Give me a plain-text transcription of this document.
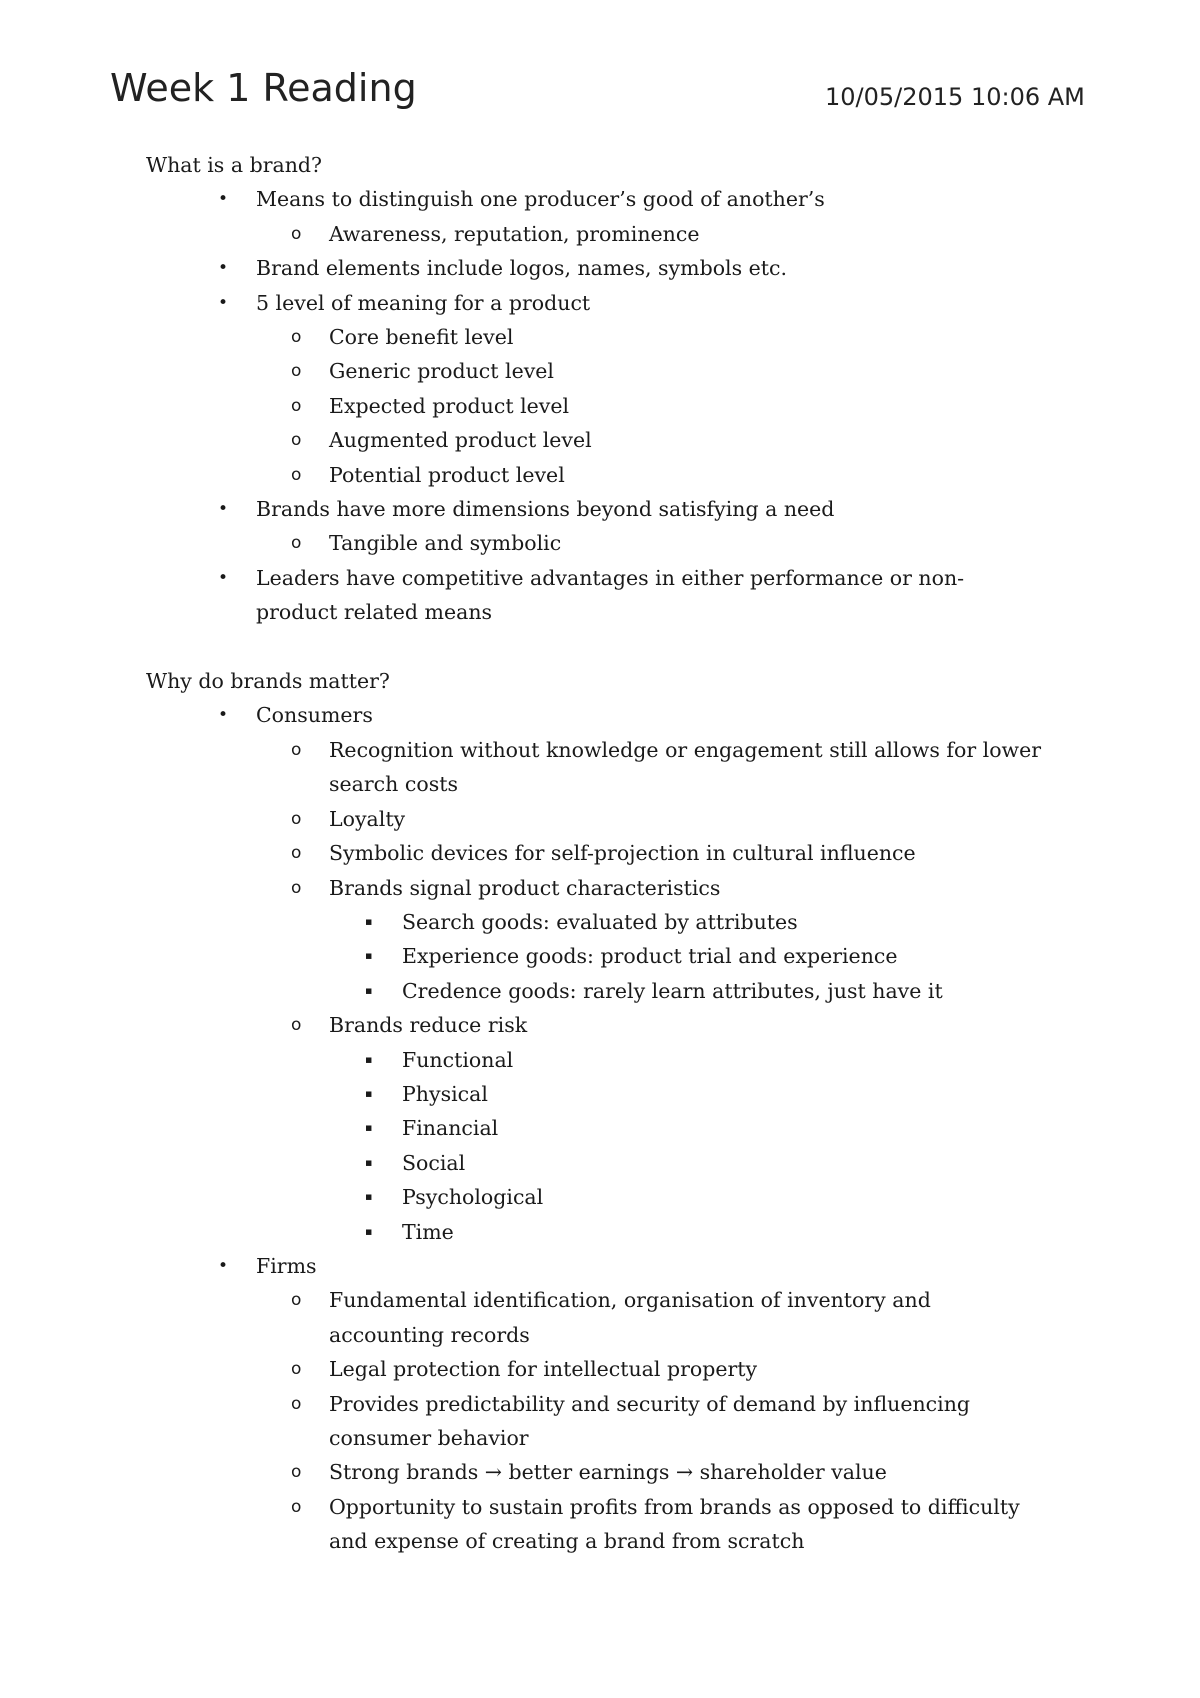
Week 1 Reading	10/05/2015 10:06 AM
What is a brand?
• Means to distinguish one producer’s good of another’s
o Awareness, reputation, prominence
• Brand elements include logos, names, symbols etc.
• 5 level of meaning for a product
o Core benefit level
o Generic product level
o Expected product level
o Augmented product level
o Potential product level
• Brands have more dimensions beyond satisfying a need
o Tangible and symbolic
• Leaders have competitive advantages in either performance or non-product related means
Why do brands matter?
• Consumers
o Recognition without knowledge or engagement still allows for lower search costs
o Loyalty
o Symbolic devices for self-projection in cultural influence
o Brands signal product characteristics
▪ Search goods: evaluated by attributes
▪ Experience goods: product trial and experience
▪ Credence goods: rarely learn attributes, just have it
o Brands reduce risk
▪ Functional
▪ Physical
▪ Financial
▪ Social
▪ Psychological
▪ Time
• Firms
o Fundamental identification, organisation of inventory and accounting records
o Legal protection for intellectual property
o Provides predictability and security of demand by influencing consumer behavior
o Strong brands → better earnings → shareholder value
o Opportunity to sustain profits from brands as opposed to difficulty and expense of creating a brand from scratch
